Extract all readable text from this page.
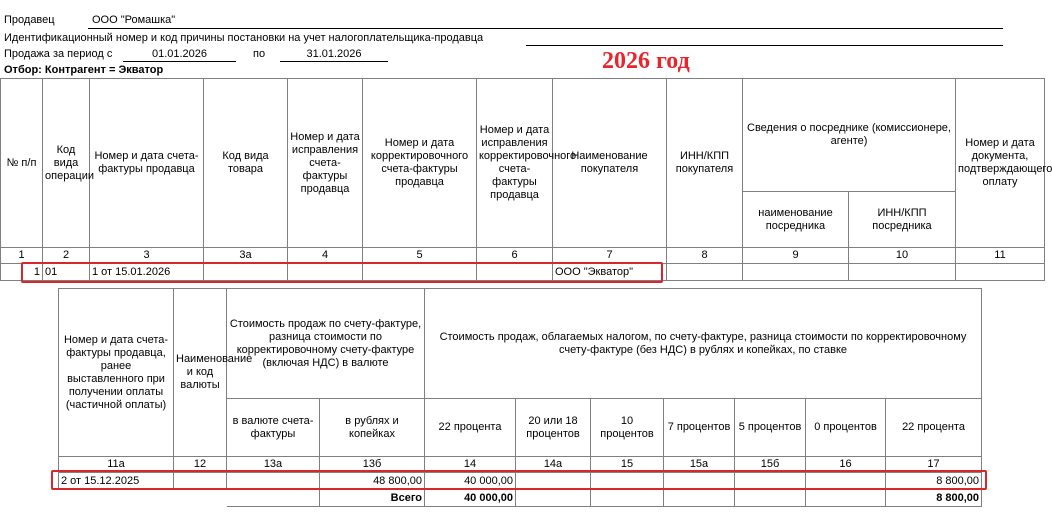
Продавец	ООО "Ромашка"
Идентификационный номер и код причины постановки на учет налогоплательщика-продавца
Продажа за период с	01.01.2026	по	31.01.2026
Отбор: Контрагент = Экватор	2026 год
№ п/п	Код вида операции	Номер и дата счета-фактуры продавца	Код вида товара	Номер и дата исправления счета-фактуры продавца	Номер и дата корректировочного счета-фактуры продавца	Номер и дата исправления корректировочного счета-фактуры продавца	Наименование покупателя	ИНН/КПП покупателя	Сведения о посреднике (комиссионере, агенте)		Номер и дата документа, подтверждающего оплату
									наименование посредника	ИНН/КПП посредника	
1	2	3	3а	4	5	6	7	8	9	10	11
1	01	1 от 15.01.2026					ООО "Экватор"				
Номер и дата счета-фактуры продавца, ранее выставленного при получении оплаты (частичной оплаты)	Наименование и код валюты	Стоимость продаж по счету-фактуре, разница стоимости по корректировочному счету-фактуре (включая НДС) в валюте		Стоимость продаж, облагаемых налогом, по счету-фактуре, разница стоимости по корректировочному счету-фактуре (без НДС) в рублях и копейках, по ставке						
		в валюте счета-фактуры	в рублях и копейках	22 процента	20 или 18 процентов	10 процентов	7 процентов	5 процентов	0 процентов	22 процента
11а	12	13а	13б	14	14а	15	15а	15б	16	17
2 от 15.12.2025			48 800,00	40 000,00						8 800,00
			Всего	40 000,00						8 800,00
